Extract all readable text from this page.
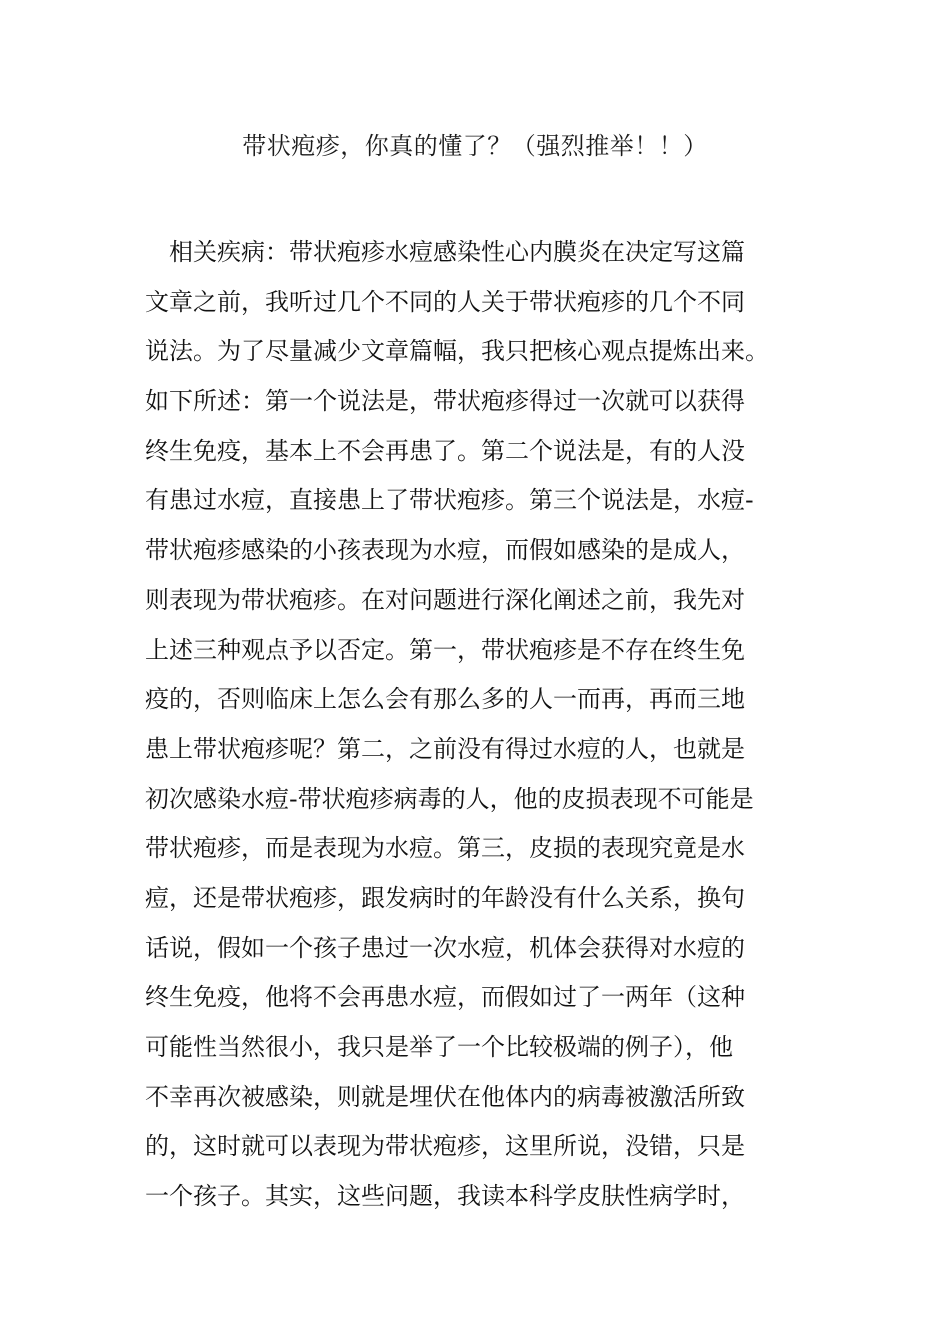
带状疱疹，你真的懂了？（强烈推举！！）
　相关疾病：带状疱疹水痘感染性心内膜炎在决定写这篇
文章之前，我听过几个不同的人关于带状疱疹的几个不同
说法。为了尽量减少文章篇幅，我只把核心观点提炼出来。
如下所述：第一个说法是，带状疱疹得过一次就可以获得
终生免疫，基本上不会再患了。第二个说法是，有的人没
有患过水痘，直接患上了带状疱疹。第三个说法是，水痘-
带状疱疹感染的小孩表现为水痘，而假如感染的是成人，
则表现为带状疱疹。在对问题进行深化阐述之前，我先对
上述三种观点予以否定。第一，带状疱疹是不存在终生免
疫的，否则临床上怎么会有那么多的人一而再，再而三地
患上带状疱疹呢？第二，之前没有得过水痘的人，也就是
初次感染水痘-带状疱疹病毒的人，他的皮损表现不可能是
带状疱疹，而是表现为水痘。第三，皮损的表现究竟是水
痘，还是带状疱疹，跟发病时的年龄没有什么关系，换句
话说，假如一个孩子患过一次水痘，机体会获得对水痘的
终生免疫，他将不会再患水痘，而假如过了一两年（这种
可能性当然很小，我只是举了一个比较极端的例子），他
不幸再次被感染，则就是埋伏在他体内的病毒被激活所致
的，这时就可以表现为带状疱疹，这里所说，没错，只是
一个孩子。其实，这些问题，我读本科学皮肤性病学时，
